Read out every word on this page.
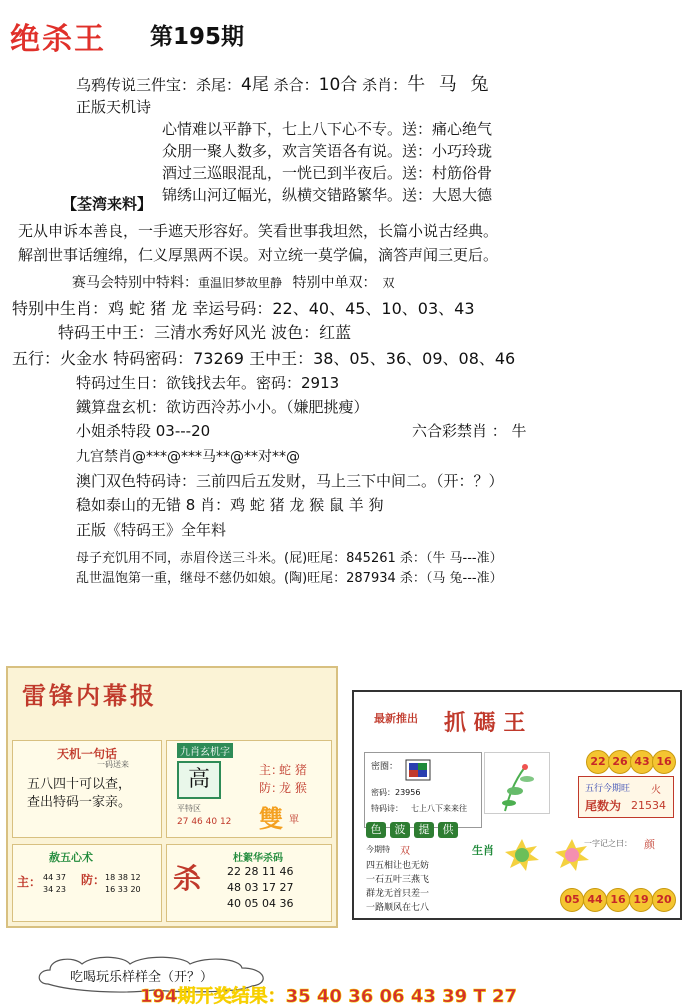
绝杀王 第195期
乌鸦传说三件宝：杀尾：4尾 杀合：10合 杀肖：牛 马 兔
正版天机诗
心情难以平静下，七上八下心不专。送：痛心绝气
众朋一聚人数多，欢言笑语各有说。送：小巧玲珑
酒过三巡眼混乱，一恍已到半夜后。送：村筋俗骨
锦绣山河辽幅光，纵横交错路繁华。送：大恩大德
【荃湾来料】
无从申诉本善良，一手遮天形容好。笑看世事我坦然，长篇小说古经典。
解剖世事话缠绵，仁义厚黑两不误。对立统一莫学偏，滴答声闻三更后。
赛马会特别中特料：重温旧梦故里静 特别中单双： 双
特别中生肖：鸡 蛇 猪 龙 幸运号码：22、40、45、10、03、43
特码王中王：三清水秀好风光 波色：红蓝
五行：火金水 特码密码：73269 王中王：38、05、36、09、08、46
特码过生日：欲钱找去年。密码：2913
鐵算盘玄机：欲访西泠苏小小。（嫌肥挑瘦）
小姐杀特段 03---20	六合彩禁肖 ： 牛
九宫禁肖@***@***马**@**对**@
澳门双色特码诗：三前四后五发财，马上三下中间二。（开：？）
稳如泰山的无错 8 肖：鸡 蛇 猪 龙 猴 鼠 羊 狗
正版《特码王》全年料
母子充饥用不同，赤眉伶送三斗米。(屁)旺尾：845261 杀：（牛 马---准）
乱世温饱第一重，继母不慈仍如娘。(陶)旺尾：287934 杀：（马 兔---准）
雷锋内幕报
天机一句话
一码送来
五八四十可以查，
查出特码一家亲。
九肖玄机字
高	主：
蛇 猪
防：
龙 猴
平特区
27 46 40 12 雙 單
赦五心术
主： 44 37
34 23
防： 18 38 12
16 33 20 杀
杜絮华杀码
22 28 11 46
48 03 17 27
40 05 04 36
最新推出 抓 碼 王
密圈：
密码：23956
特码诗： 七上八下来来往
22 26 43 16
五行今期旺 火
尾数为 21534
一字记之曰： 颜
色	波	提	供
今期特 双
四五相让也无妨
一石五叶三燕飞
群龙无首只差一
一路顺风在七八
生肖
05 44 16 19 20
吃喝玩乐样样全（开？）
194期开奖结果：35 40 36 06 43 39 T 27
